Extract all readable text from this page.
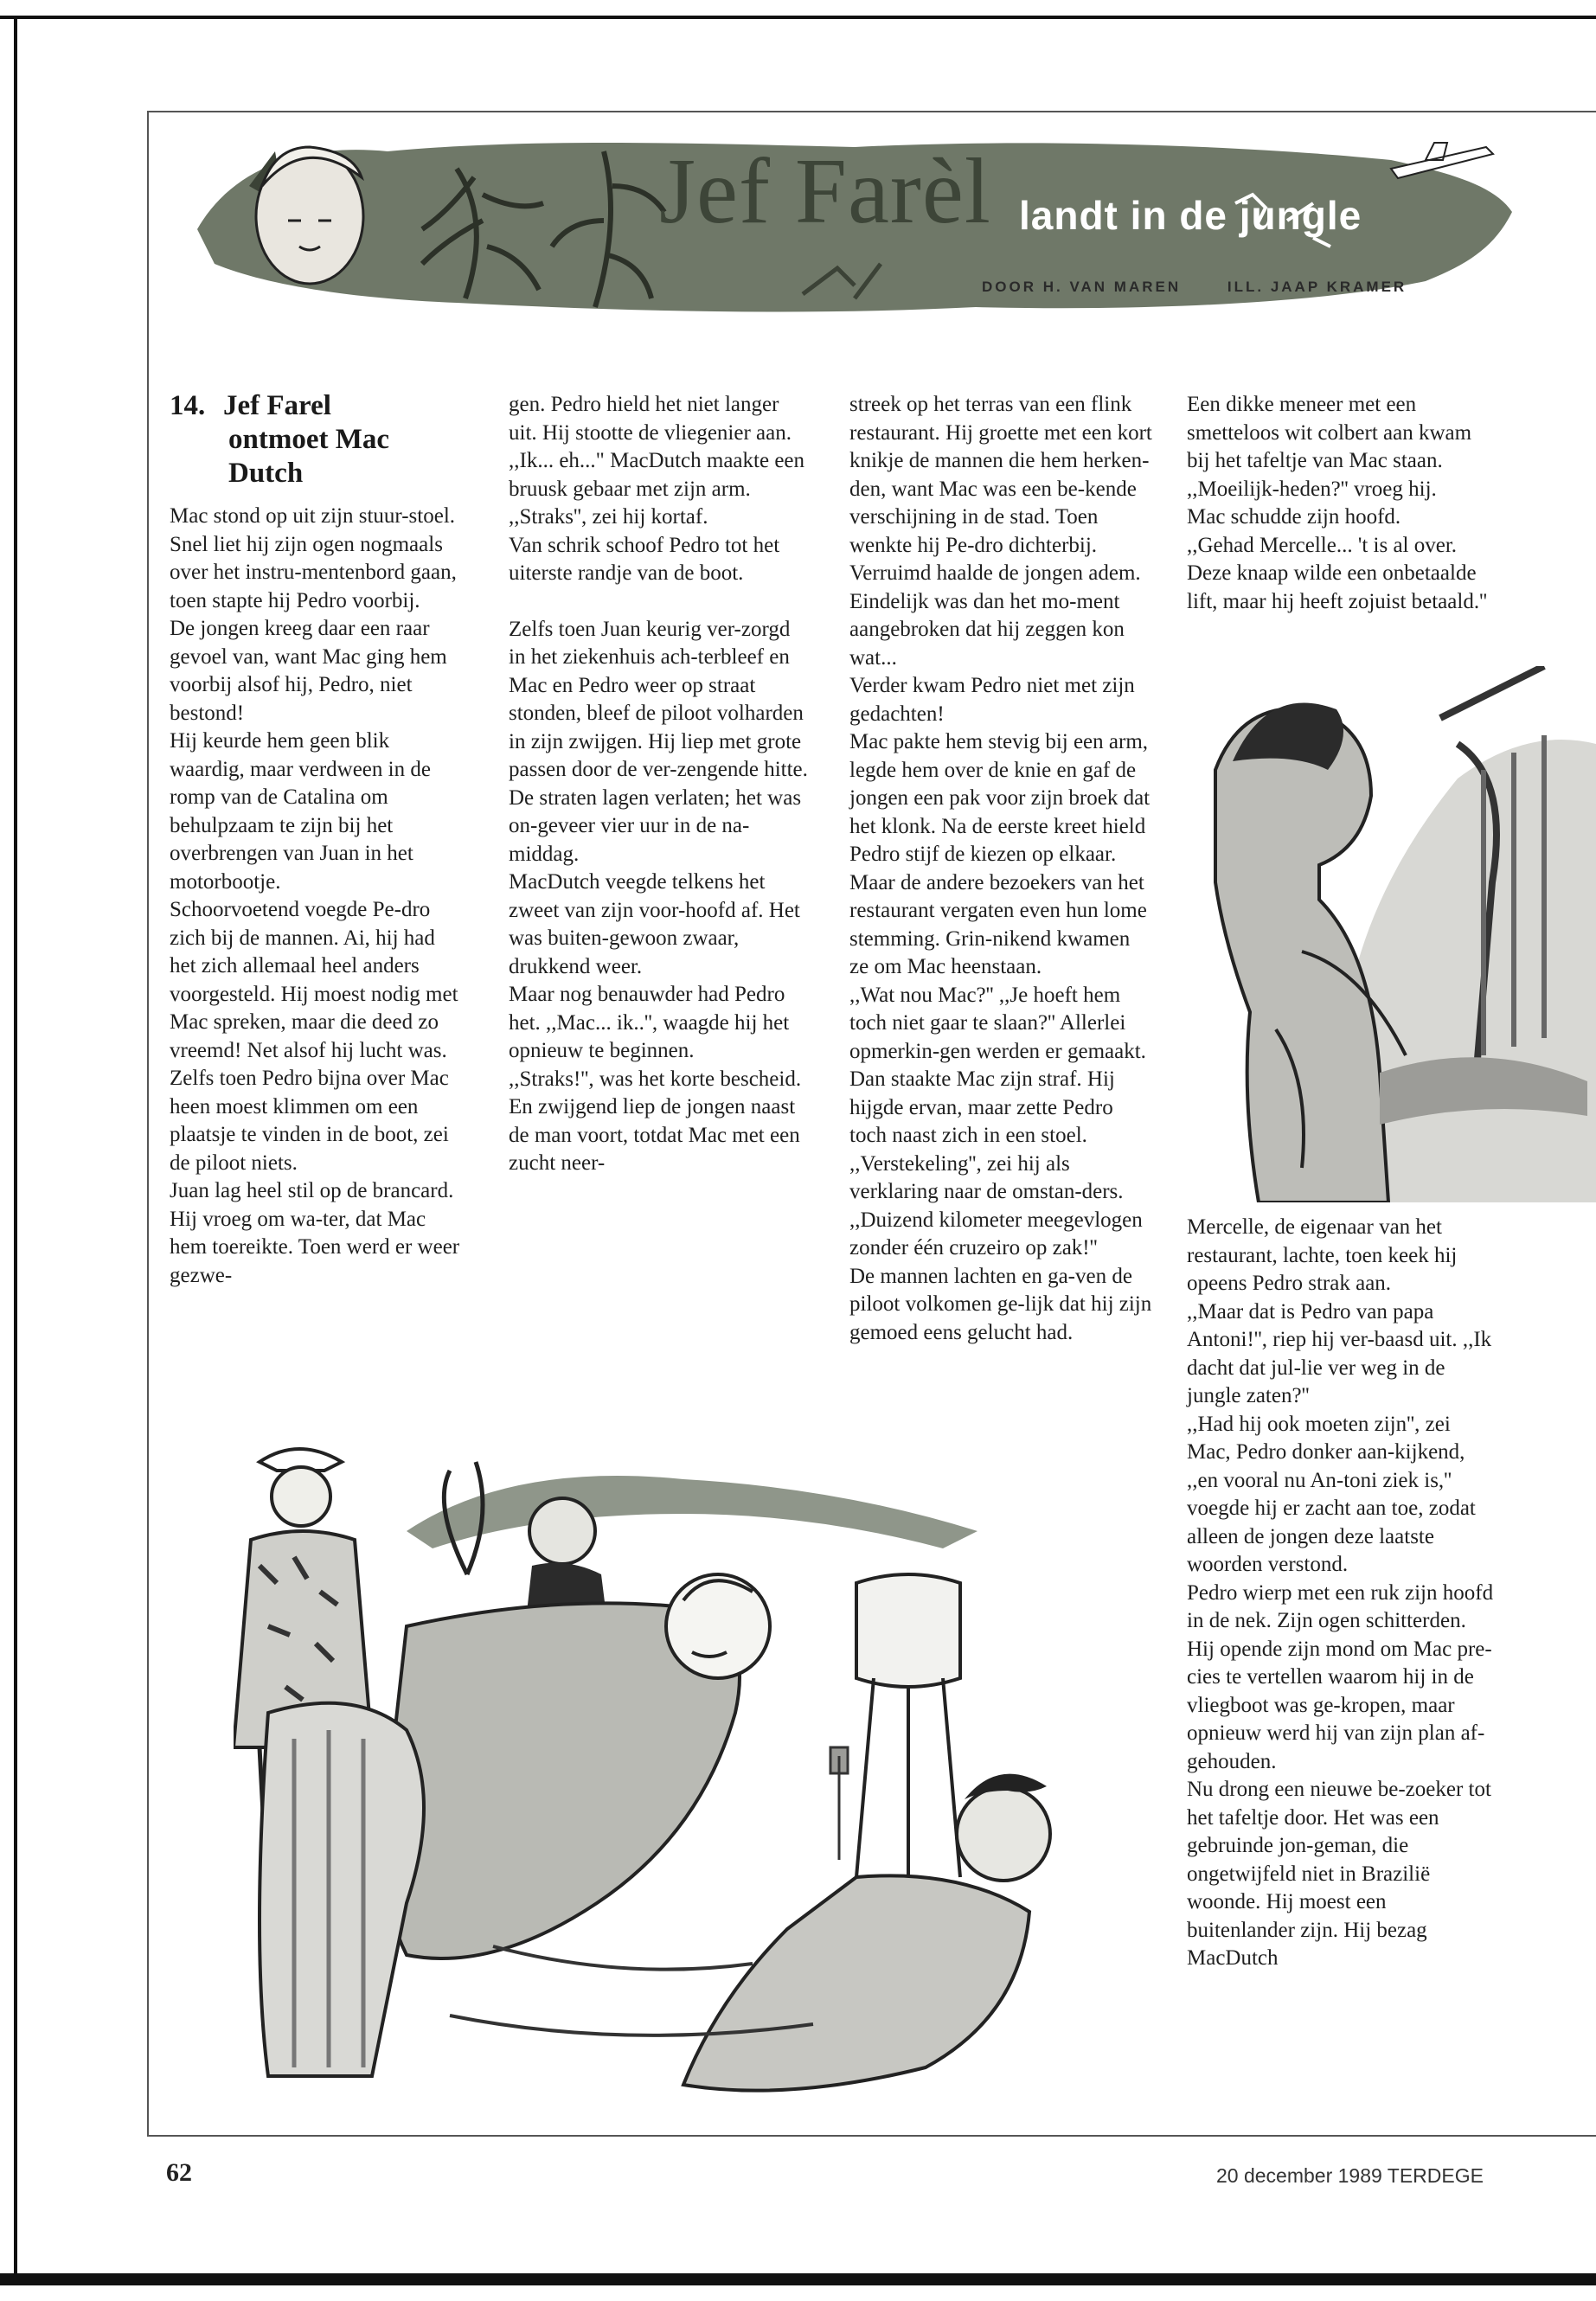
Jef Farèl landt in de jungle
DOOR H. VAN MAREN	ILL. JAAP KRAMER
14. Jef Farel
ontmoet Mac
Dutch

Mac stond op uit zijn stuur-stoel. Snel liet hij zijn ogen nogmaals over het instru-mentenbord gaan, toen stapte hij Pedro voorbij.

De jongen kreeg daar een raar gevoel van, want Mac ging hem voorbij alsof hij, Pedro, niet bestond!

Hij keurde hem geen blik waardig, maar verdween in de romp van de Catalina om behulpzaam te zijn bij het overbrengen van Juan in het motorbootje.

Schoorvoetend voegde Pe-dro zich bij de mannen. Ai, hij had het zich allemaal heel anders voorgesteld. Hij moest nodig met Mac spreken, maar die deed zo vreemd! Net alsof hij lucht was.

Zelfs toen Pedro bijna over Mac heen moest klimmen om een plaatsje te vinden in de boot, zei de piloot niets.

Juan lag heel stil op de brancard. Hij vroeg om wa-ter, dat Mac hem toereikte. Toen werd er weer gezwe-

gen. Pedro hield het niet langer uit. Hij stootte de vliegenier aan. ,,Ik... eh..." MacDutch maakte een bruusk gebaar met zijn arm.

,,Straks'', zei hij kortaf.

Van schrik schoof Pedro tot het uiterste randje van de boot.

Zelfs toen Juan keurig ver-zorgd in het ziekenhuis ach-terbleef en Mac en Pedro weer op straat stonden, bleef de piloot volharden in zijn zwijgen. Hij liep met grote passen door de ver-zengende hitte. De straten lagen verlaten; het was on-geveer vier uur in de na-middag.

MacDutch veegde telkens het zweet van zijn voor-hoofd af. Het was buiten-gewoon zwaar, drukkend weer.

Maar nog benauwder had Pedro het. ,,Mac... ik..'', waagde hij het opnieuw te beginnen.

,,Straks!'', was het korte bescheid.

En zwijgend liep de jongen naast de man voort, totdat Mac met een zucht neer-

streek op het terras van een flink restaurant. Hij groette met een kort knikje de mannen die hem herken-den, want Mac was een be-kende verschijning in de stad. Toen wenkte hij Pe-dro dichterbij. Verruimd haalde de jongen adem.

Eindelijk was dan het mo-ment aangebroken dat hij zeggen kon wat...

Verder kwam Pedro niet met zijn gedachten!

Mac pakte hem stevig bij een arm, legde hem over de knie en gaf de jongen een pak voor zijn broek dat het klonk. Na de eerste kreet hield Pedro stijf de kiezen op elkaar. Maar de andere bezoekers van het restaurant vergaten even hun lome stemming. Grin-nikend kwamen ze om Mac heenstaan.

,,Wat nou Mac?'' ,,Je hoeft hem toch niet gaar te slaan?'' Allerlei opmerkin-gen werden er gemaakt.

Dan staakte Mac zijn straf. Hij hijgde ervan, maar zette Pedro toch naast zich in een stoel.

,,Verstekeling'', zei hij als verklaring naar de omstan-ders. ,,Duizend kilometer meegevlogen zonder één cruzeiro op zak!''

De mannen lachten en ga-ven de piloot volkomen ge-lijk dat hij zijn gemoed eens gelucht had.

Een dikke meneer met een smetteloos wit colbert aan kwam bij het tafeltje van Mac staan. ,,Moeilijk-heden?'' vroeg hij.

Mac schudde zijn hoofd.

,,Gehad Mercelle... 't is al over. Deze knaap wilde een onbetaalde lift, maar hij heeft zojuist betaald.''

Mercelle, de eigenaar van het restaurant, lachte, toen keek hij opeens Pedro strak aan.

,,Maar dat is Pedro van papa Antoni!'', riep hij ver-baasd uit. ,,Ik dacht dat jul-lie ver weg in de jungle zaten?''

,,Had hij ook moeten zijn'', zei Mac, Pedro donker aan-kijkend, ,,en vooral nu An-toni ziek is,'' voegde hij er zacht aan toe, zodat alleen de jongen deze laatste woorden verstond.

Pedro wierp met een ruk zijn hoofd in de nek. Zijn ogen schitterden. Hij opende zijn mond om Mac pre-cies te vertellen waarom hij in de vliegboot was ge-kropen, maar opnieuw werd hij van zijn plan af-gehouden.

Nu drong een nieuwe be-zoeker tot het tafeltje door. Het was een gebruinde jon-geman, die ongetwijfeld niet in Brazilië woonde. Hij moest een buitenlander zijn. Hij bezag MacDutch

62	20 december 1989 TERDEGE
